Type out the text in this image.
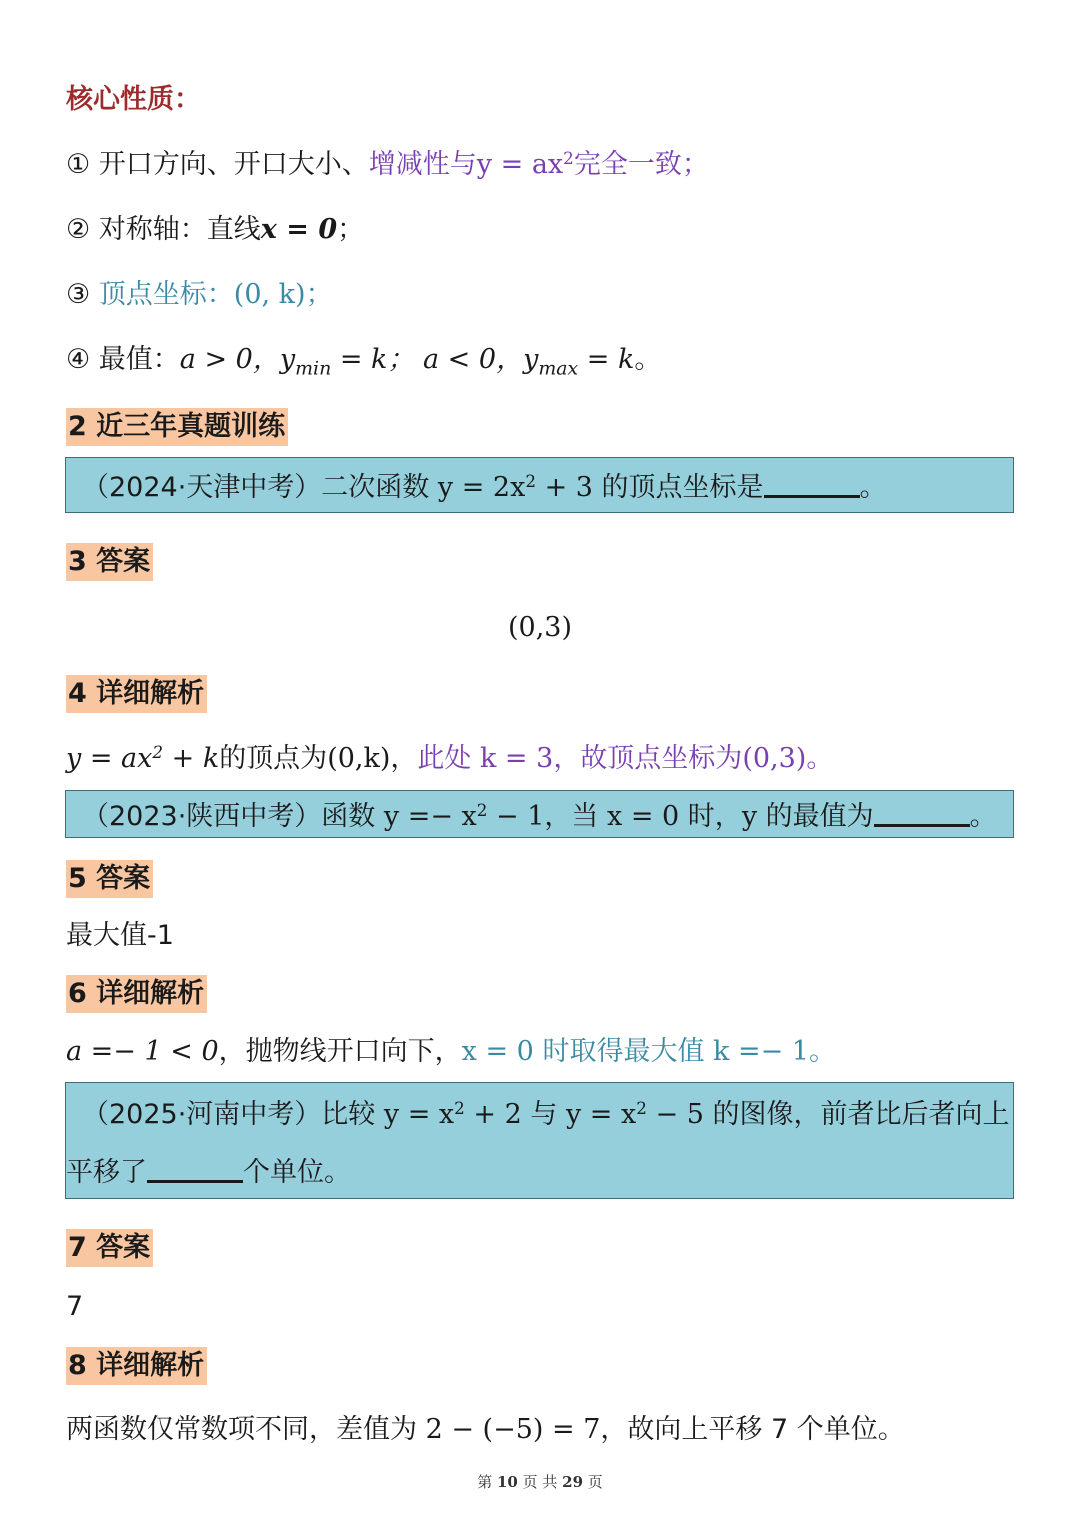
核心性质：
① 开口方向、开口大小、增减性与$y = ax^2$完全一致；
② 对称轴：直线x = 0；
③ 顶点坐标：(0, k)；
④ 最值：a > 0，$y_{min} = k$； a < 0，$y_{max} = k$。
2 近三年真题训练
（2024·天津中考）二次函数 $y = 2x^2 + 3$ 的顶点坐标是	。
3 答案
(0,3)
4 详细解析
$y = ax^2 + k$的顶点为(0,k)，此处 k = 3，故顶点坐标为(0,3)。
（2023·陕西中考）函数 $y =- x^2 - 1$，当 x = 0 时，y 的最值为	。
5 答案
最大值-1
6 详细解析
a =− 1 < 0，抛物线开口向下，x = 0 时取得最大值 k =− 1。
（2025·河南中考）比较 $y = x^2 + 2$ 与 $y = x^2 - 5$ 的图像，前者比后者向上
平移了	个单位。
7 答案
7
8 详细解析
两函数仅常数项不同，差值为 2 − (−5) = 7，故向上平移 7 个单位。
第 10 页 共 29 页
